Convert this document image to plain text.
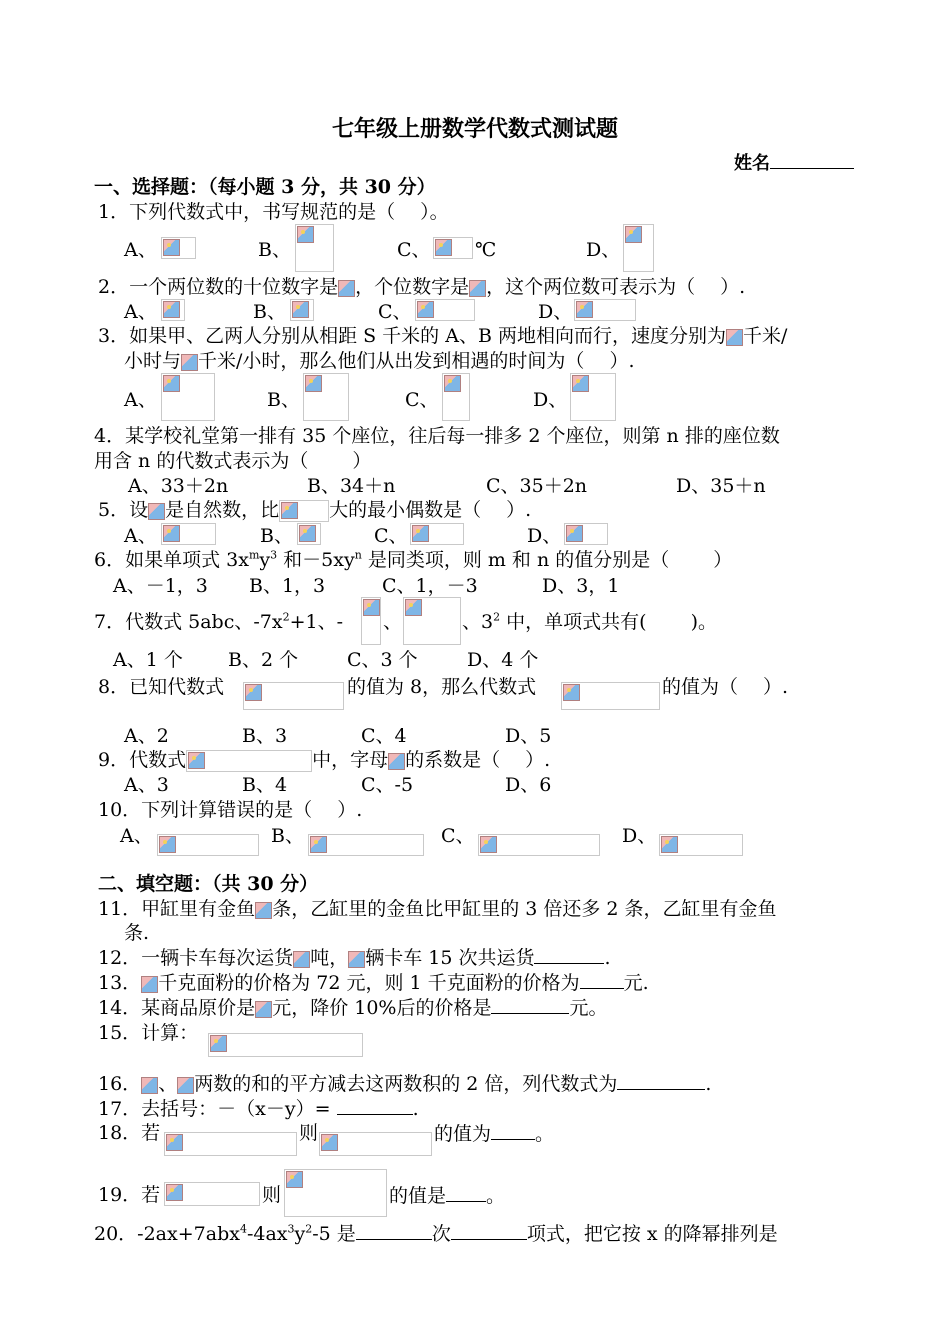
七年级上册数学代数式测试题
姓名
一、选择题：（每小题 3 分，共 30 分）
1．下列代数式中，书写规范的是（　 ）。
A、	B、	C、 ℃	D、
2．一个两位数的十位数字是 ，个位数字是 ，这个两位数可表示为（　 ）.
A、	B、	C、	D、
3．如果甲、乙两人分别从相距 S 千米的 A、B 两地相向而行，速度分别为 千米/
小时与 千米/小时，那么他们从出发到相遇的时间为（　 ）.
A、	B、	C、	D、
4．某学校礼堂第一排有 35 个座位，往后每一排多 2 个座位，则第 n 排的座位数
用含 n 的代数式表示为（　　 ）
A、33＋2n	B、34＋n	C、35＋2n	D、35＋n
5．设 是自然数，比	大的最小偶数是（　 ）.
A、	B、	C、	D、
6．如果单项式 $3x^my^3$ 和$-5xy^n$ 是同类项，则 m 和 n 的值分别是（　　 ）
A、－1，3 B、1，3	C、1，－3	D、3，1
7．代数式 5abc、$-7x^2+1$、- 、	、$3^2$ 中，单项式共有(　　 )。
A、1 个 B、2 个	C、3 个	D、4 个
8．已知代数式	的值为 8，那么代数式	的值为（　 ）.
A、2	B、3	C、4	D、5
9．代数式	中，字母 的系数是（　 ）.
A、3	B、4	C、-5	D、6
10．下列计算错误的是（　 ）.
A、	B、	C、	D、
二、填空题：（共 30 分）
11．甲缸里有金鱼 条，乙缸里的金鱼比甲缸里的 3 倍还多 2 条，乙缸里有金鱼
条.
12．一辆卡车每次运货 吨， 辆卡车 15 次共运货	.
13． 千克面粉的价格为 72 元，则 1 千克面粉的价格为 元.
14．某商品原价是 元，降价 10%后的价格是	元。
15．计算：
16． 、 两数的和的平方减去这两数积的 2 倍，列代数式为	.
17．去括号：－（x－y）=	.
18．若	则	的值为 。
19．若	则	的值是 。
20．$-2ax+7abx^4-4ax^3y^2-5$ 是	次	项式，把它按 x 的降幂排列是
